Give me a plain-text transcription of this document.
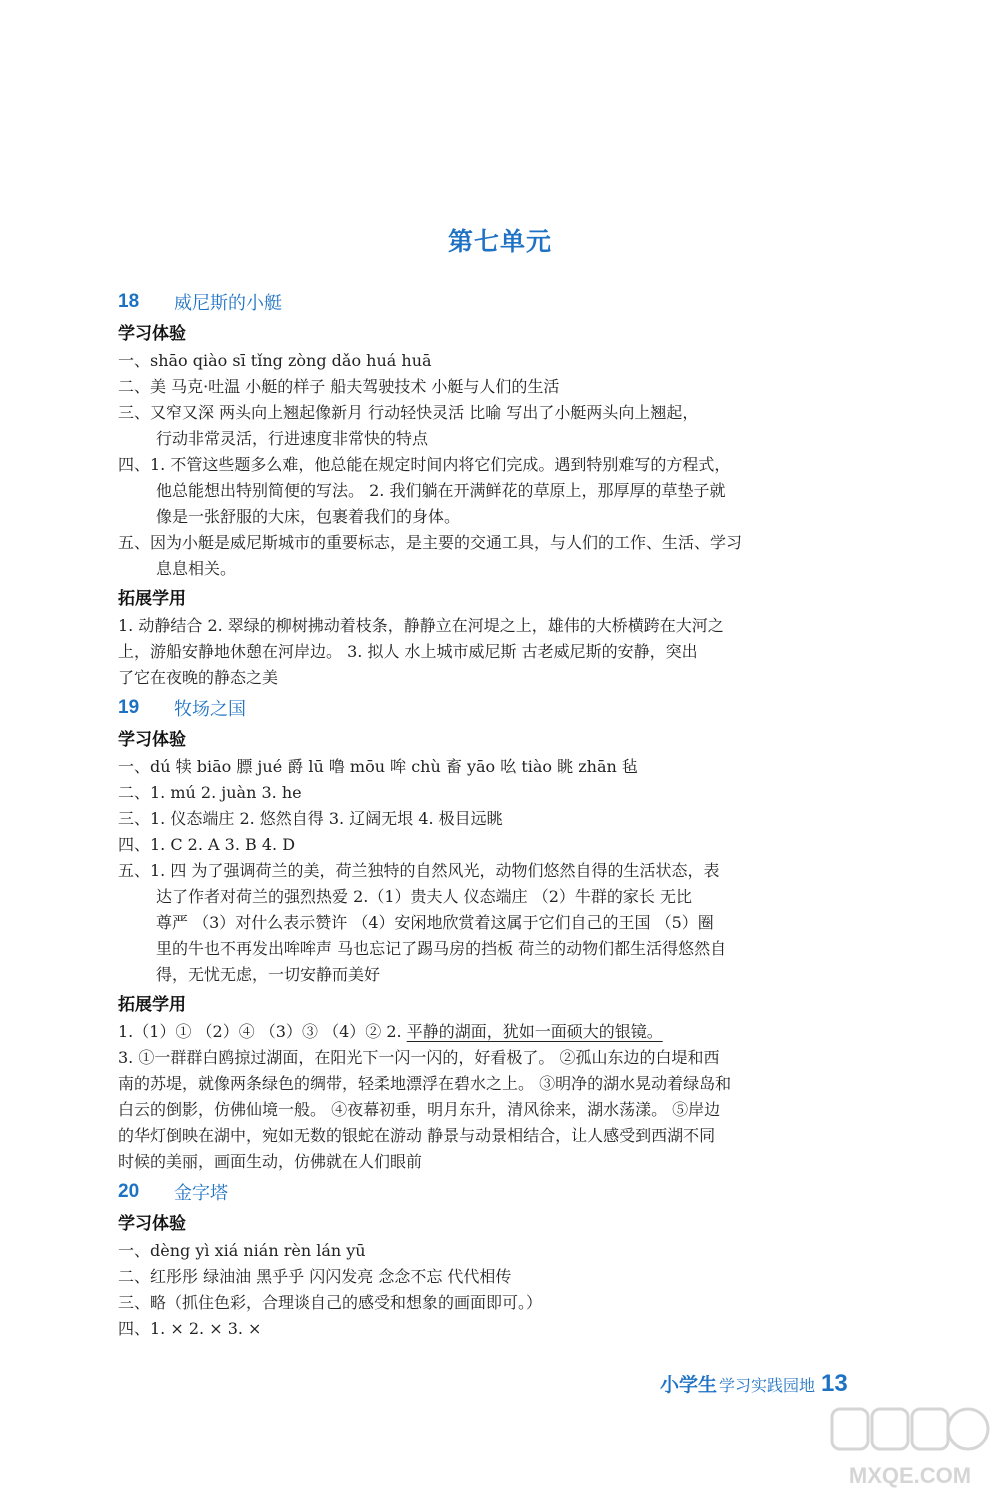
第七单元
18	威尼斯的小艇
学习体验
一、shāo qiào sī tǐng zòng dǎo huá huā
二、美 马克·吐温 小艇的样子 船夫驾驶技术 小艇与人们的生活
三、又窄又深 两头向上翘起像新月 行动轻快灵活 比喻 写出了小艇两头向上翘起，
行动非常灵活，行进速度非常快的特点
四、1. 不管这些题多么难，他总能在规定时间内将它们完成。遇到特别难写的方程式，
他总能想出特别简便的写法。 2. 我们躺在开满鲜花的草原上，那厚厚的草垫子就
像是一张舒服的大床，包裹着我们的身体。
五、因为小艇是威尼斯城市的重要标志，是主要的交通工具，与人们的工作、生活、学习
息息相关。
拓展学用
1. 动静结合 2. 翠绿的柳树拂动着枝条，静静立在河堤之上，雄伟的大桥横跨在大河之
上，游船安静地休憩在河岸边。 3. 拟人 水上城市威尼斯 古老威尼斯的安静，突出
了它在夜晚的静态之美
19	牧场之国
学习体验
一、dú 犊 biāo 膘 jué 爵 lū 噜 mōu 哞 chù 畜 yāo 吆 tiào 眺 zhān 毡
二、1. mú 2. juàn 3. he
三、1. 仪态端庄 2. 悠然自得 3. 辽阔无垠 4. 极目远眺
四、1. C 2. A 3. B 4. D
五、1. 四 为了强调荷兰的美，荷兰独特的自然风光，动物们悠然自得的生活状态，表
达了作者对荷兰的强烈热爱 2.（1）贵夫人 仪态端庄 （2）牛群的家长 无比
尊严 （3）对什么表示赞许 （4）安闲地欣赏着这属于它们自己的王国 （5）圈
里的牛也不再发出哞哞声 马也忘记了踢马房的挡板 荷兰的动物们都生活得悠然自
得，无忧无虑，一切安静而美好
拓展学用
1.（1）① （2）④ （3）③ （4）② 2. 平静的湖面，犹如一面硕大的银镜。
3. ①一群群白鸥掠过湖面，在阳光下一闪一闪的，好看极了。 ②孤山东边的白堤和西
南的苏堤，就像两条绿色的绸带，轻柔地漂浮在碧水之上。 ③明净的湖水晃动着绿岛和
白云的倒影，仿佛仙境一般。 ④夜幕初垂，明月东升，清风徐来，湖水荡漾。 ⑤岸边
的华灯倒映在湖中，宛如无数的银蛇在游动 静景与动景相结合，让人感受到西湖不同
时候的美丽，画面生动，仿佛就在人们眼前
20	金字塔
学习体验
一、dèng yì xiá nián rèn lán yū
二、红彤彤 绿油油 黑乎乎 闪闪发亮 念念不忘 代代相传
三、略（抓住色彩，合理谈自己的感受和想象的画面即可。）
四、1. × 2. × 3. ×
小学生 学习实践园地 13
MXQE.COM
